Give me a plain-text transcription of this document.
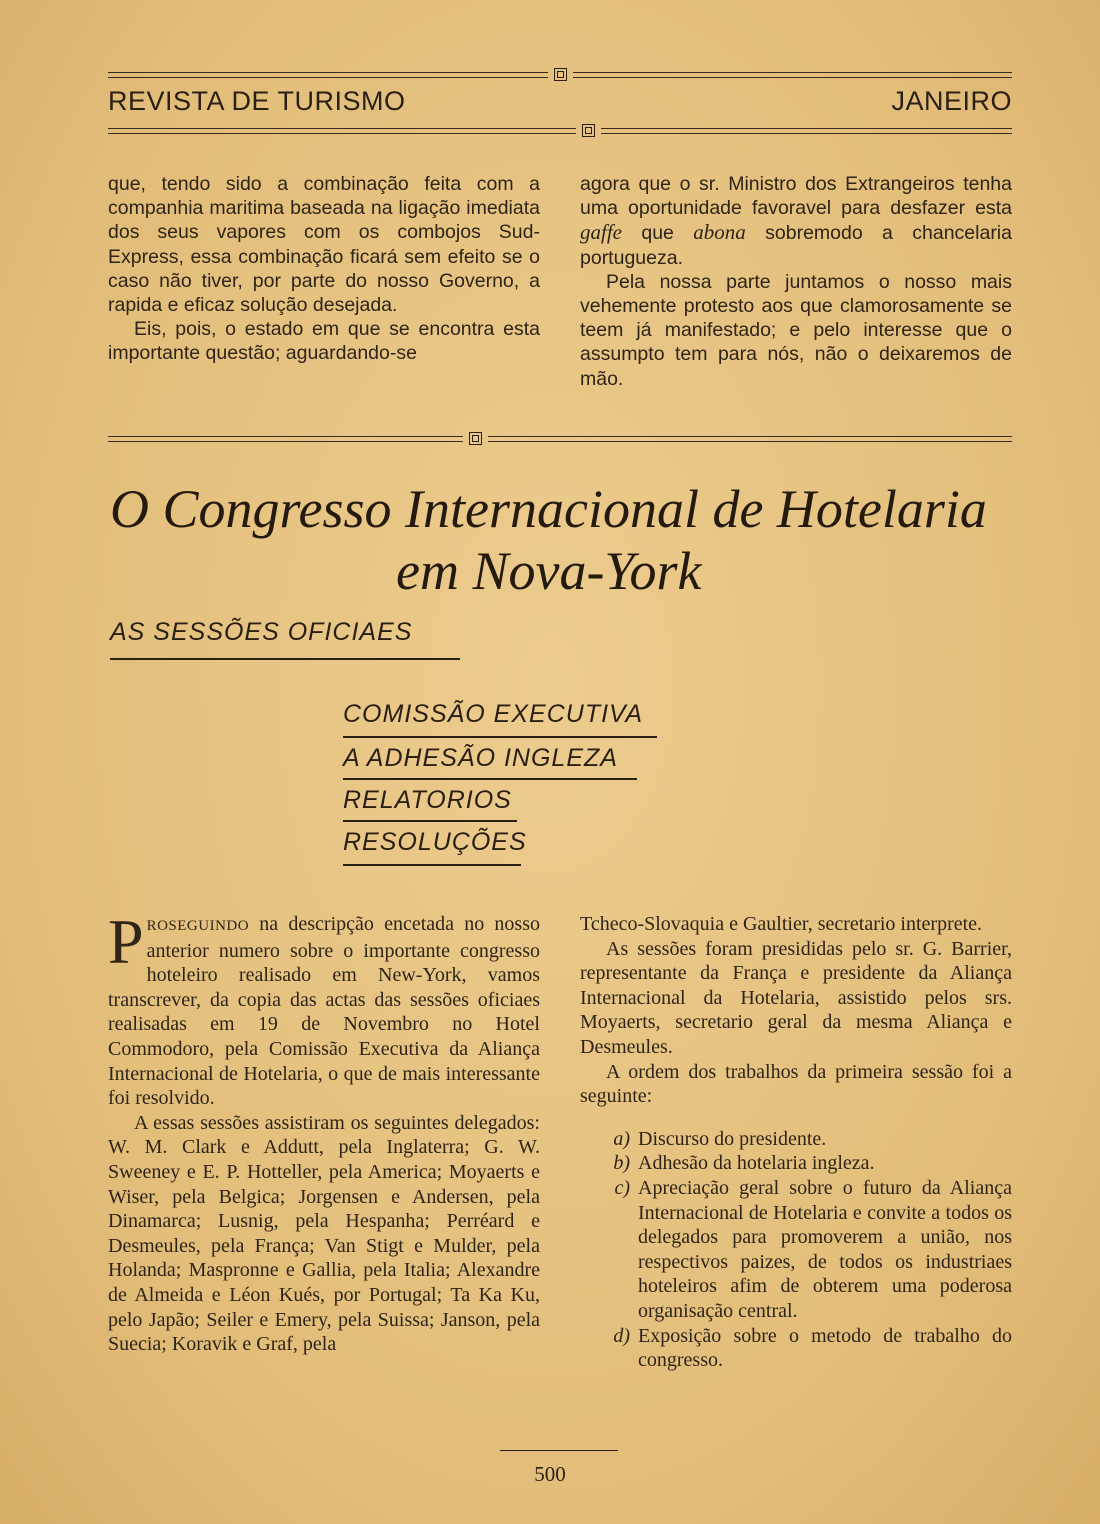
REVISTA DE TURISMO	JANEIRO

que, tendo sido a combinação feita com a companhia maritima baseada na ligação imediata dos seus vapores com os combojos Sud-Express, essa combinação ficará sem efeito se o caso não tiver, por parte do nosso Governo, a rapida e eficaz solução desejada.

Eis, pois, o estado em que se encontra esta importante questão; aguardando-se

agora que o sr. Ministro dos Extrangeiros tenha uma oportunidade favoravel para desfazer esta gaffe que abona sobremodo a chancelaria portugueza.

Pela nossa parte juntamos o nosso mais vehemente protesto aos que clamorosamente se teem já manifestado; e pelo interesse que o assumpto tem para nós, não o deixaremos de mão.

O Congresso Internacional de Hotelaria
em Nova-York
AS SESSÕES OFICIAES
COMISSÃO EXECUTIVA
A ADHESÃO INGLEZA
RELATORIOS
RESOLUÇÕES

PROSEGUINDO na descripção encetada no nosso anterior numero sobre o importante congresso hoteleiro realisado em New-York, vamos transcrever, da copia das actas das sessões oficiaes realisadas em 19 de Novembro no Hotel Commodoro, pela Comissão Executiva da Aliança Internacional de Hotelaria, o que de mais interessante foi resolvido.

A essas sessões assistiram os seguintes delegados: W. M. Clark e Addutt, pela Inglaterra; G. W. Sweeney e E. P. Hotteller, pela America; Moyaerts e Wiser, pela Belgica; Jorgensen e Andersen, pela Dinamarca; Lusnig, pela Hespanha; Perréard e Desmeules, pela França; Van Stigt e Mulder, pela Holanda; Maspronne e Gallia, pela Italia; Alexandre de Almeida e Léon Kués, por Portugal; Ta Ka Ku, pelo Japão; Seiler e Emery, pela Suissa; Janson, pela Suecia; Koravik e Graf, pela

Tcheco-Slovaquia e Gaultier, secretario interprete.

As sessões foram presididas pelo sr. G. Barrier, representante da França e presidente da Aliança Internacional da Hotelaria, assistido pelos srs. Moyaerts, secretario geral da mesma Aliança e Desmeules.

A ordem dos trabalhos da primeira sessão foi a seguinte:

a) Discurso do presidente.
b) Adhesão da hotelaria ingleza.
c) Apreciação geral sobre o futuro da Aliança Internacional de Hotelaria e convite a todos os delegados para promoverem a união, nos respectivos paizes, de todos os industriaes hoteleiros afim de obterem uma poderosa organisação central.
d) Exposição sobre o metodo de trabalho do congresso.
500
